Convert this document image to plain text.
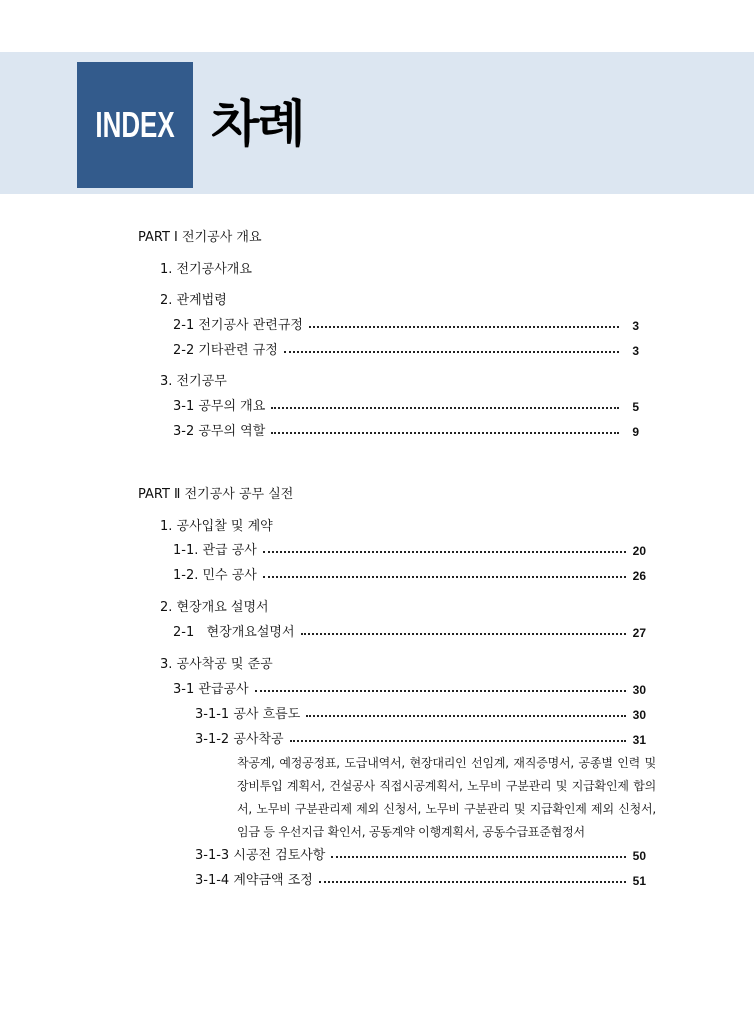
INDEX 차례
PART Ⅰ 전기공사 개요
1. 전기공사개요
2. 관계법령
2-1 전기공사 관련규정	3
2-2 기타관련 규정	3
3. 전기공무
3-1 공무의 개요	5
3-2 공무의 역할	9
PART Ⅱ 전기공사 공무 실전
1. 공사입찰 및 계약
1-1. 관급 공사	20
1-2. 민수 공사	26
2. 현장개요 설명서
2-1   현장개요설명서	27
3. 공사착공 및 준공
3-1 관급공사	30
3-1-1 공사 흐름도	30
3-1-2 공사착공	31
착공계, 예정공정표, 도급내역서, 현장대리인 선임계, 재직증명서, 공종별 인력 및 장비투입 계획서, 건설공사 직접시공계획서, 노무비 구분관리 및 지급확인제 합의서, 노무비 구분관리제 제외 신청서, 노무비 구분관리 및 지급확인제 제외 신청서, 임금 등 우선지급 확인서, 공동계약 이행계획서, 공동수급표준협정서
3-1-3 시공전 검토사항	50
3-1-4 계약금액 조정	51
